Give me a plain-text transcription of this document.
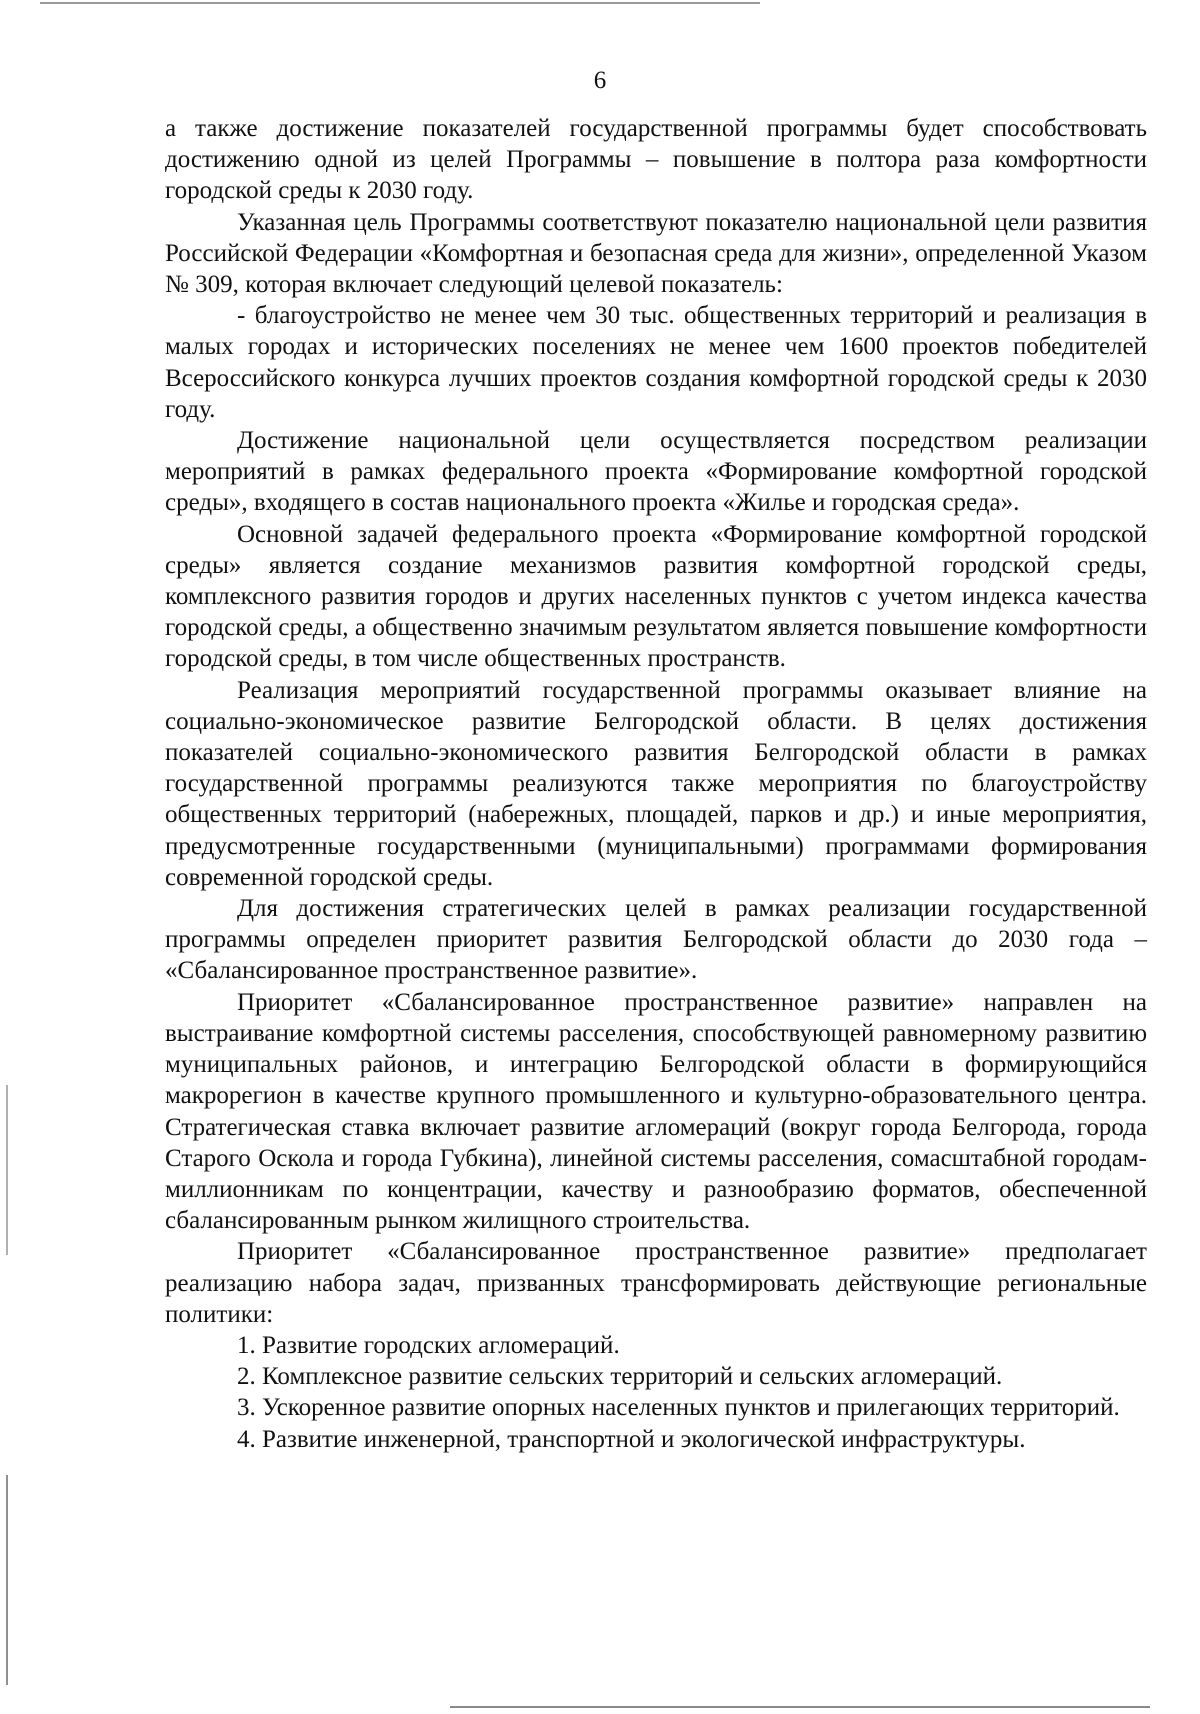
6

а также достижение показателей государственной программы будет способствовать достижению одной из целей Программы – повышение в полтора раза комфортности городской среды к 2030 году.

Указанная цель Программы соответствуют показателю национальной цели развития Российской Федерации «Комфортная и безопасная среда для жизни», определенной Указом № 309, которая включает следующий целевой показатель:

- благоустройство не менее чем 30 тыс. общественных территорий и реализация в малых городах и исторических поселениях не менее чем 1600 проектов победителей Всероссийского конкурса лучших проектов создания комфортной городской среды к 2030 году.

Достижение национальной цели осуществляется посредством реализации мероприятий в рамках федерального проекта «Формирование комфортной городской среды», входящего в состав национального проекта «Жилье и городская среда».

Основной задачей федерального проекта «Формирование комфортной городской среды» является создание механизмов развития комфортной городской среды, комплексного развития городов и других населенных пунктов с учетом индекса качества городской среды, а общественно значимым результатом является повышение комфортности городской среды, в том числе общественных пространств.

Реализация мероприятий государственной программы оказывает влияние на социально-экономическое развитие Белгородской области. В целях достижения показателей социально-экономического развития Белгородской области в рамках государственной программы реализуются также мероприятия по благоустройству общественных территорий (набережных, площадей, парков и др.) и иные мероприятия, предусмотренные государственными (муниципальными) программами формирования современной городской среды.

Для достижения стратегических целей в рамках реализации государственной программы определен приоритет развития Белгородской области до 2030 года – «Сбалансированное пространственное развитие».

Приоритет «Сбалансированное пространственное развитие» направлен на выстраивание комфортной системы расселения, способствующей равномерному развитию муниципальных районов, и интеграцию Белгородской области в формирующийся макрорегион в качестве крупного промышленного и культурно-образовательного центра. Стратегическая ставка включает развитие агломераций (вокруг города Белгорода, города Старого Оскола и города Губкина), линейной системы расселения, сомасштабной городам-миллионникам по концентрации, качеству и разнообразию форматов, обеспеченной сбалансированным рынком жилищного строительства.

Приоритет «Сбалансированное пространственное развитие» предполагает реализацию набора задач, призванных трансформировать действующие региональные политики:

1. Развитие городских агломераций.

2. Комплексное развитие сельских территорий и сельских агломераций.

3. Ускоренное развитие опорных населенных пунктов и прилегающих территорий.

4. Развитие инженерной, транспортной и экологической инфраструктуры.
